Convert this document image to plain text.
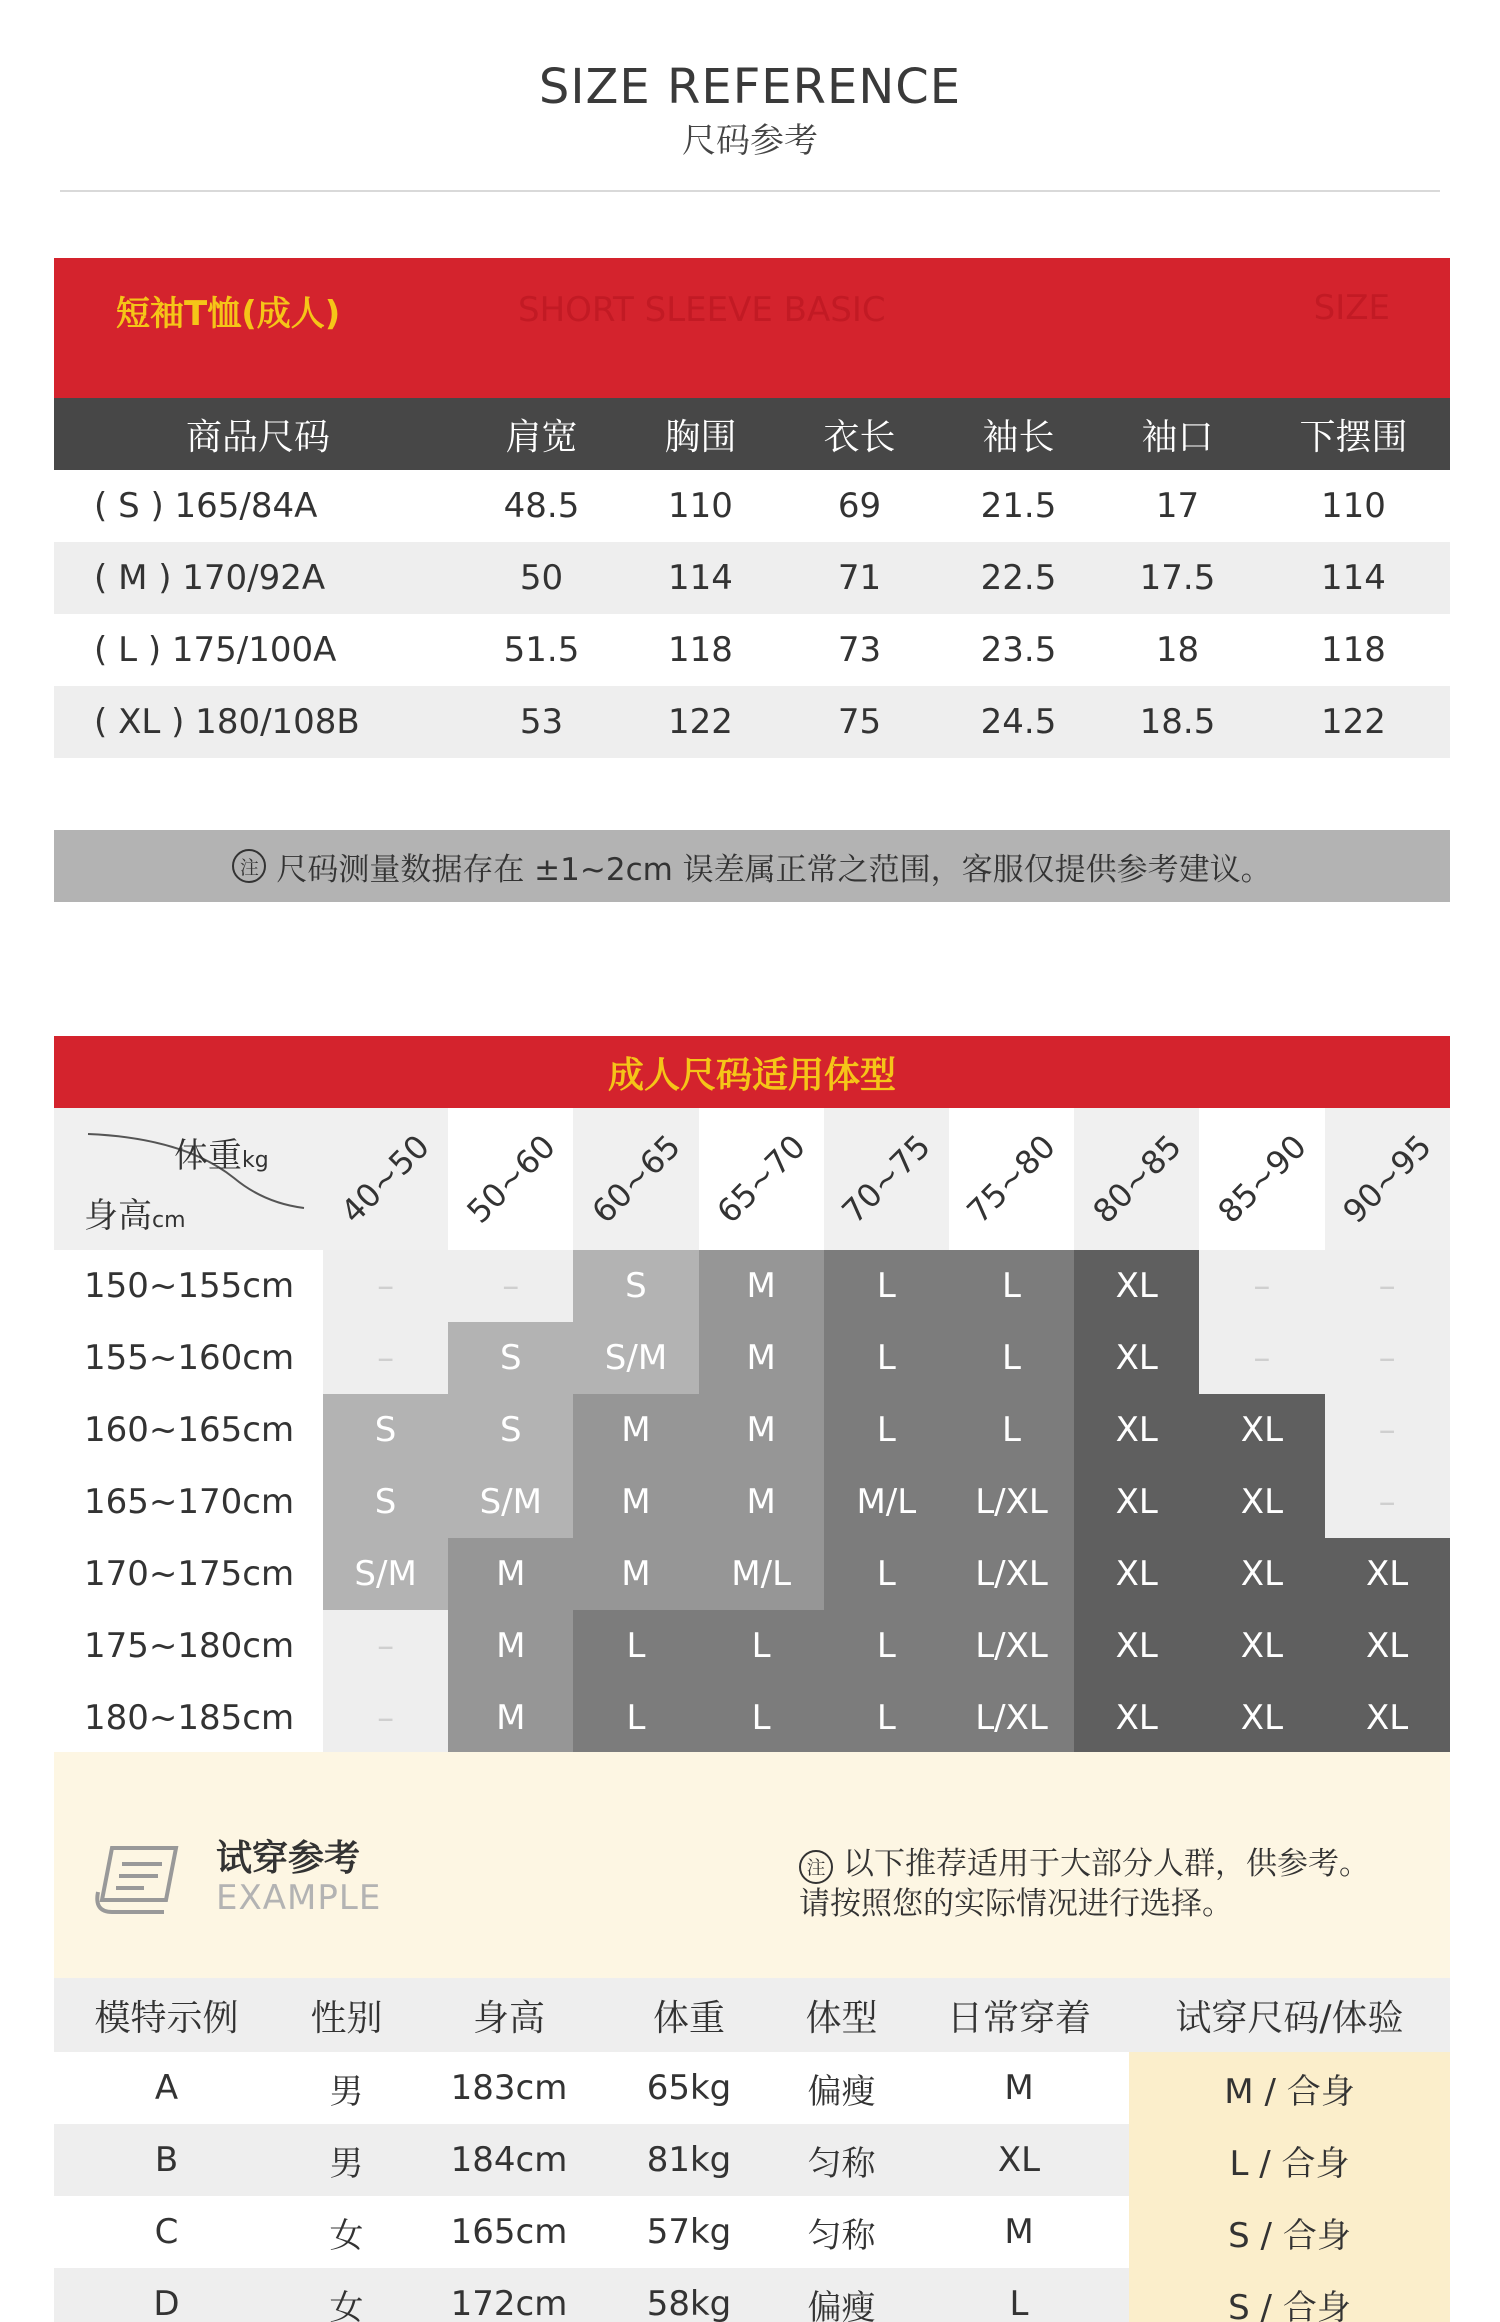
SIZE REFERENCE
尺码参考
短袖T恤(成人)	SHORT SLEEVE BASIC	SIZE
商品尺码	肩宽	胸围	衣长	袖长	袖口	下摆围
( S ) 165/84A	48.5	110	69	21.5	17	110
( M ) 170/92A	50	114	71	22.5	17.5	114
( L ) 175/100A	51.5	118	73	23.5	18	118
( XL ) 180/108B	53	122	75	24.5	18.5	122
注 尺码测量数据存在 ±1~2cm 误差属正常之范围，客服仅提供参考建议。
成人尺码适用体型
体重kg
身高cm	40~50 50~60 60~65 65~70 70~75 75~80 80~85 85~90 90~95
150~155cm	–	–	S	M	L	L	XL	–	–
155~160cm	–	S	S/M	M	L	L	XL	–	–
160~165cm	S	S	M	M	L	L	XL	XL	–
165~170cm	S	S/M	M	M	M/L	L/XL	XL	XL	–
170~175cm	S/M	M	M	M/L	L	L/XL	XL	XL	XL
175~180cm	–	M	L	L	L	L/XL	XL	XL	XL
180~185cm	–	M	L	L	L	L/XL	XL	XL	XL
试穿参考
EXAMPLE
注 以下推荐适用于大部分人群，供参考。
请按照您的实际情况进行选择。
模特示例	性别	身高	体重	体型	日常穿着	试穿尺码/体验
A	男	183cm	65kg	偏瘦	M	M / 合身
B	男	184cm	81kg	匀称	XL	L / 合身
C	女	165cm	57kg	匀称	M	S / 合身
D	女	172cm	58kg	偏瘦	L	S / 合身
